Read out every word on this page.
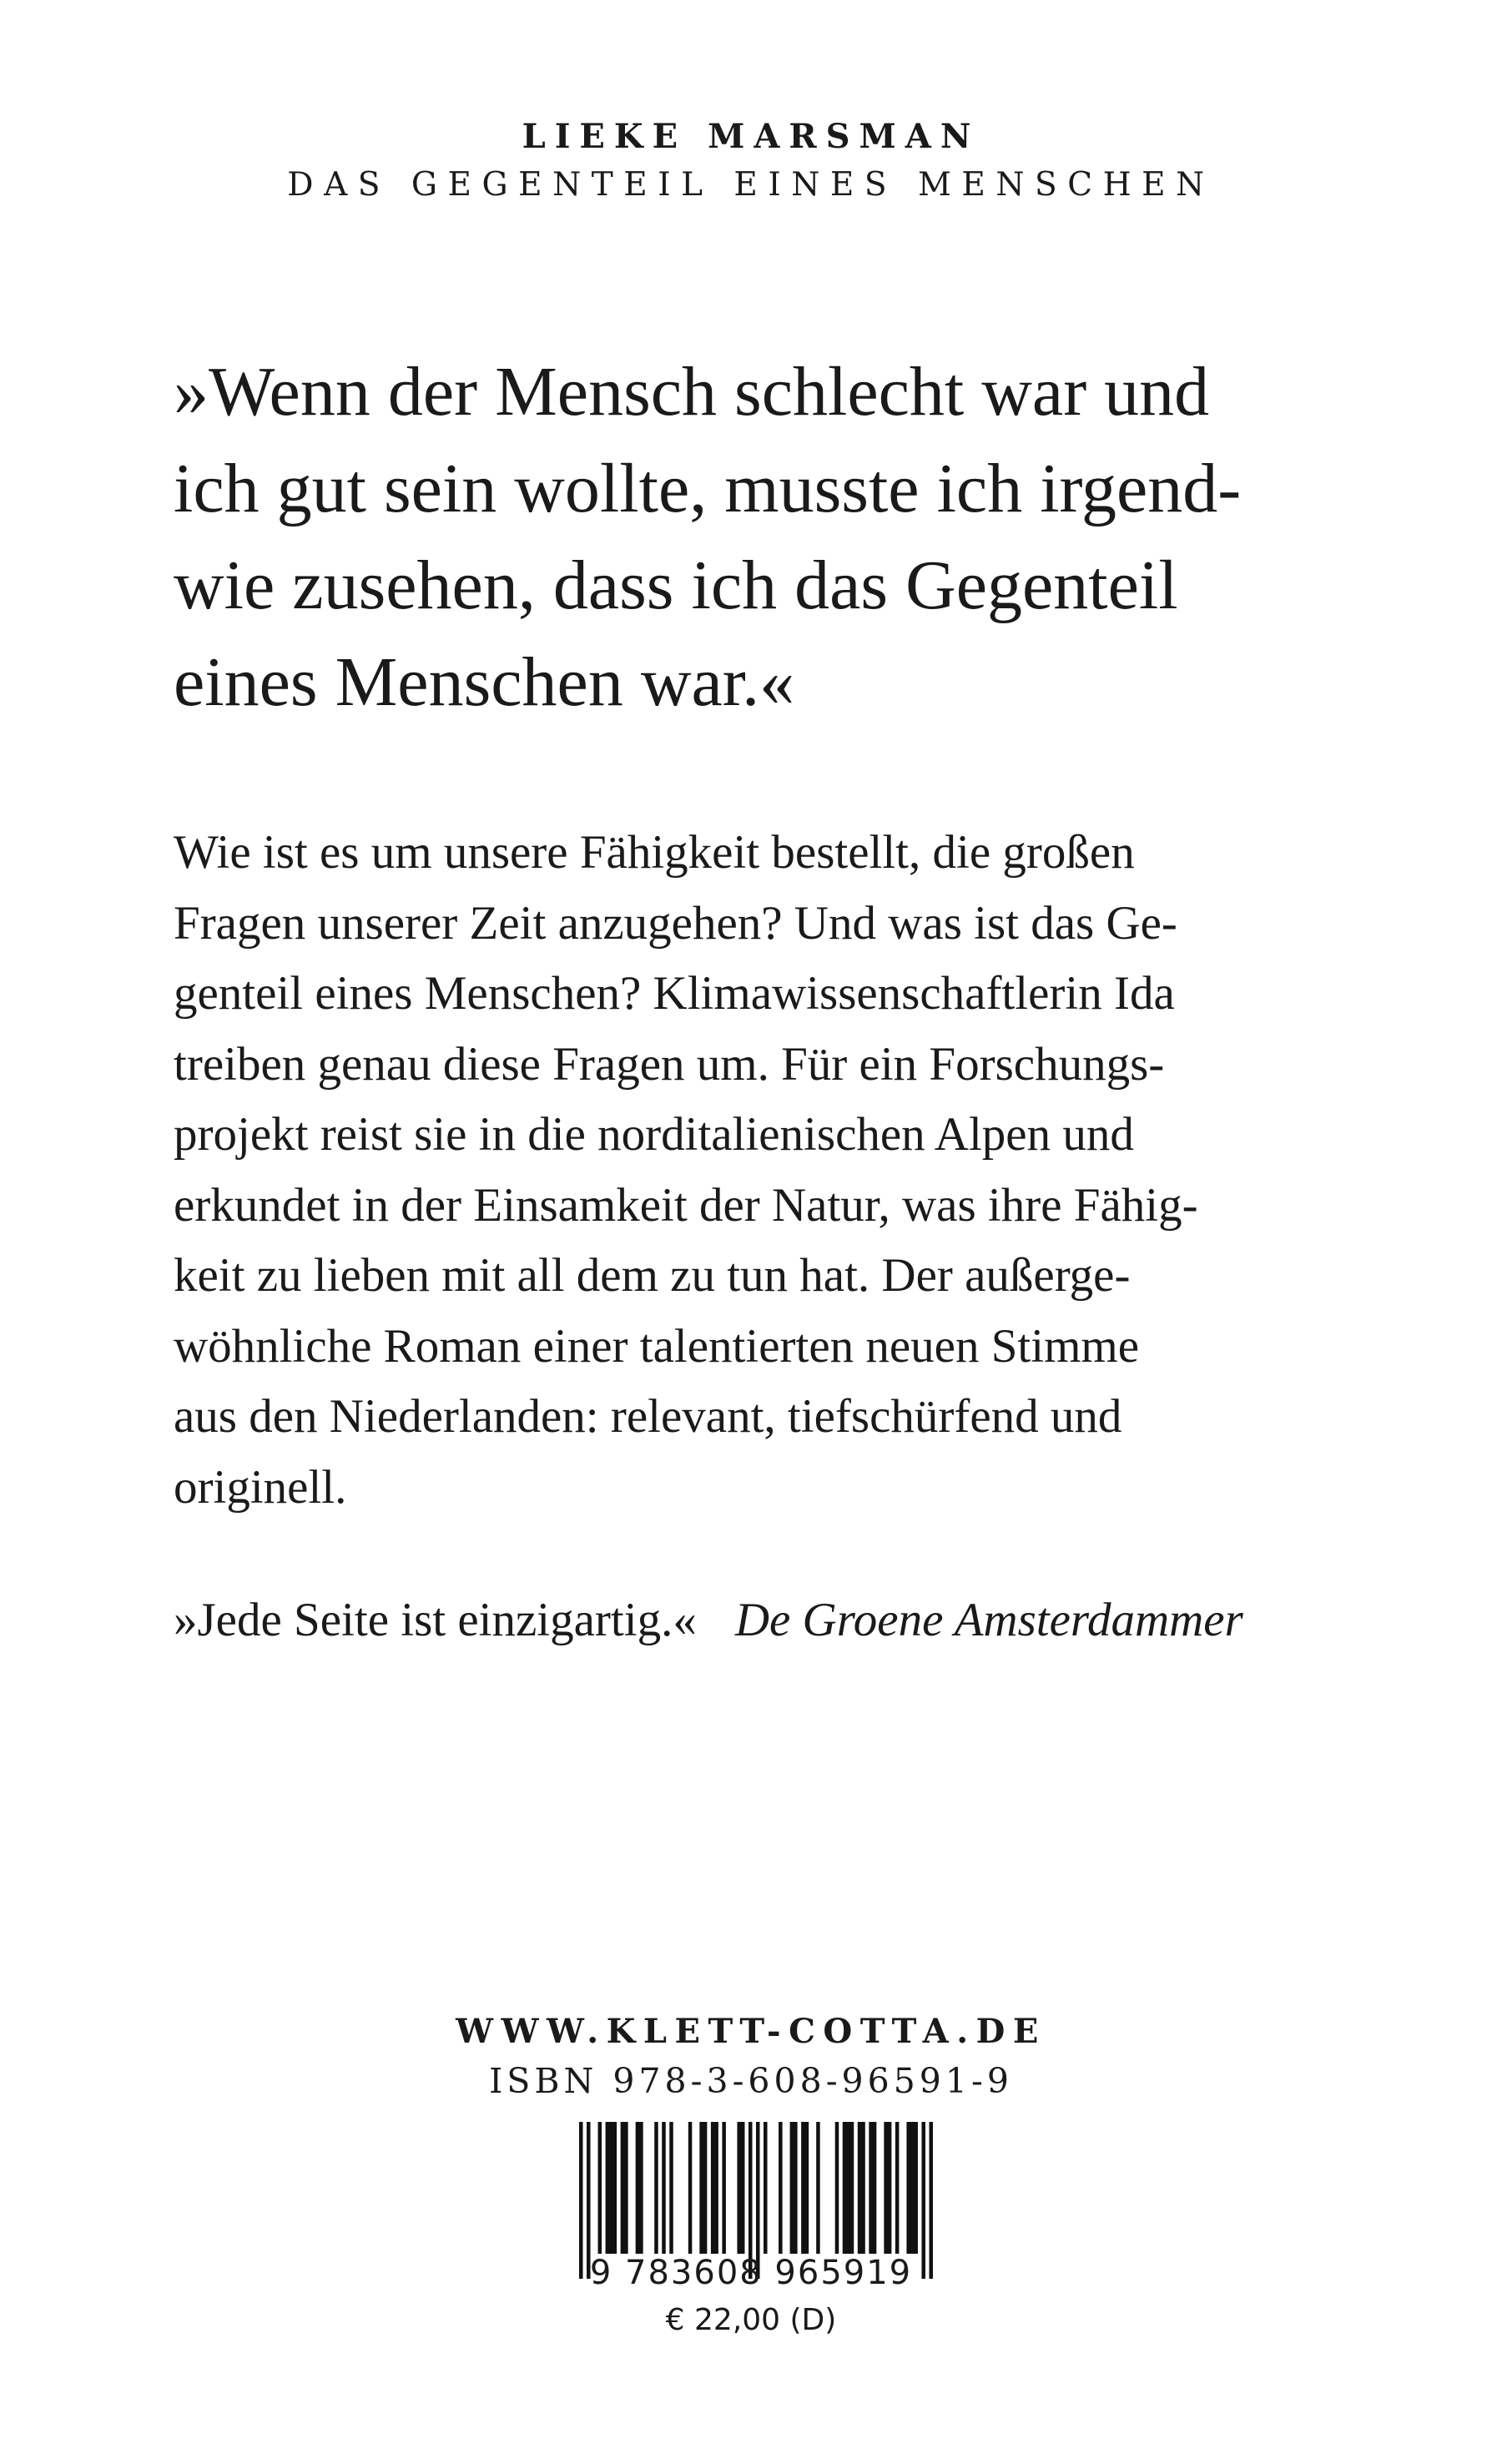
LIEKE MARSMAN
DAS GEGENTEIL EINES MENSCHEN

»Wenn der Mensch schlecht war und
ich gut sein wollte, musste ich irgend-
wie zusehen, dass ich das Gegenteil
eines Menschen war.«

Wie ist es um unsere Fähigkeit bestellt, die großen
Fragen unserer Zeit anzugehen? Und was ist das Ge-
genteil eines Menschen? Klimawissenschaftlerin Ida
treiben genau diese Fragen um. Für ein Forschungs-
projekt reist sie in die norditalienischen Alpen und
erkundet in der Einsamkeit der Natur, was ihre Fähig-
keit zu lieben mit all dem zu tun hat. Der außerge-
wöhnliche Roman einer talentierten neuen Stimme
aus den Niederlanden: relevant, tiefschürfend und
originell.

»Jede Seite ist einzigartig.« De Groene Amsterdammer
WWW.KLETT-COTTA.DE
ISBN 978-3-608-96591-9
9 783608 965919
€ 22,00 (D)
